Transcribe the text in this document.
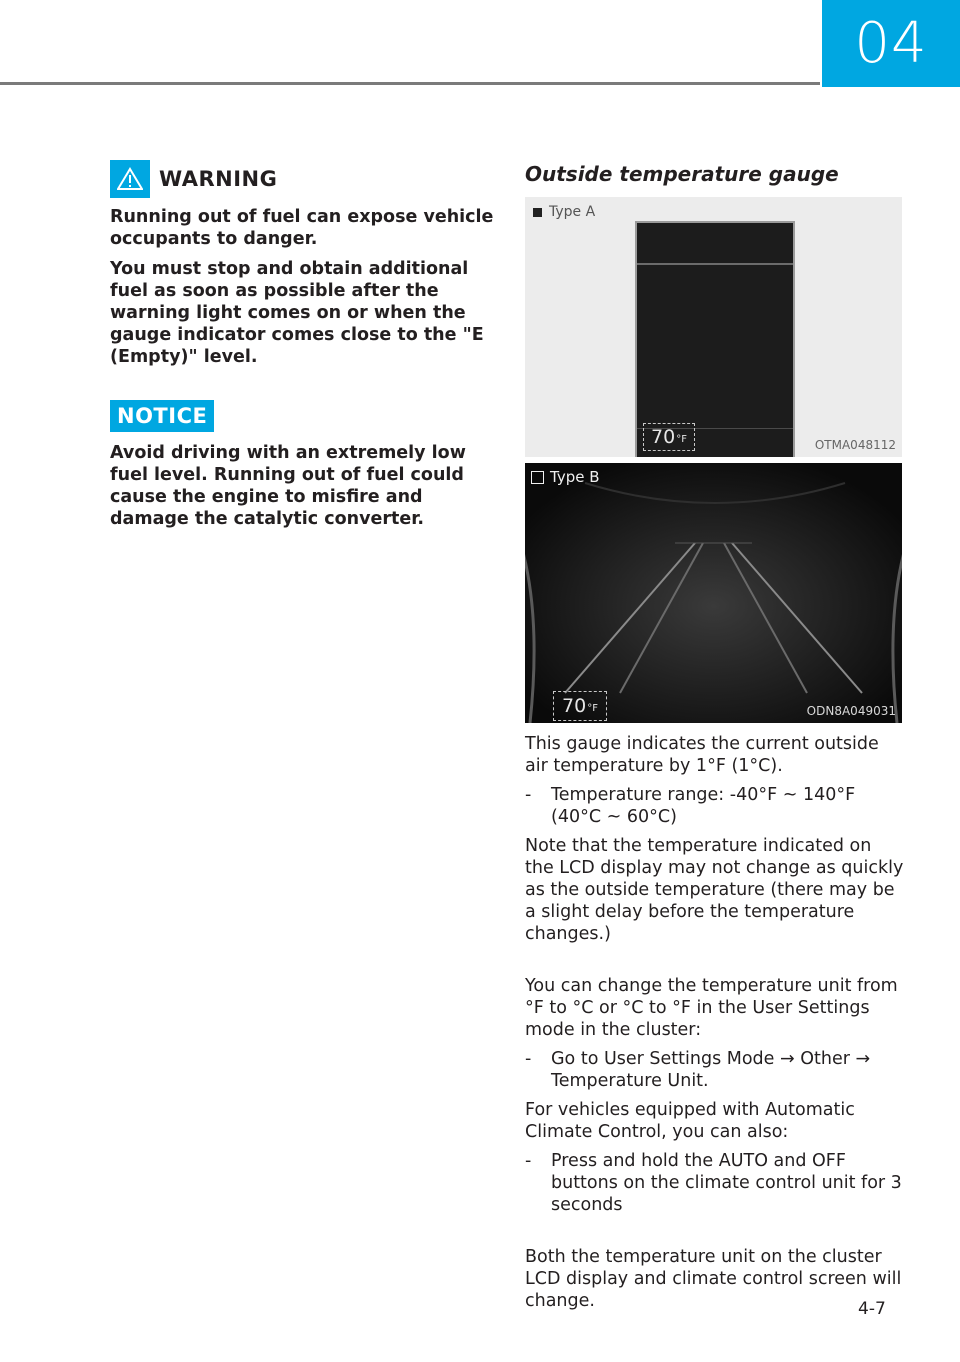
04
WARNING

Running out of fuel can expose vehicle occupants to danger.

You must stop and obtain additional fuel as soon as possible after the warning light comes on or when the gauge indicator comes close to the "E (Empty)" level.

NOTICE

Avoid driving with an extremely low fuel level. Running out of fuel could cause the engine to misfire and damage the catalytic converter.

Outside temperature gauge
Type A
70 °F	OTMA048112
Type B
70 °F	ODN8A049031

This gauge indicates the current outside air temperature by 1°F (1°C).

-	Temperature range: -40°F ~ 140°F (40°C ~ 60°C)

Note that the temperature indicated on the LCD display may not change as quickly as the outside temperature (there may be a slight delay before the temperature changes.)

You can change the temperature unit from °F to °C or °C to °F in the User Settings mode in the cluster:

-	Go to User Settings Mode → Other → Temperature Unit.

For vehicles equipped with Automatic Climate Control, you can also:

-	Press and hold the AUTO and OFF buttons on the climate control unit for 3 seconds

Both the temperature unit on the cluster LCD display and climate control screen will change.	4-7
